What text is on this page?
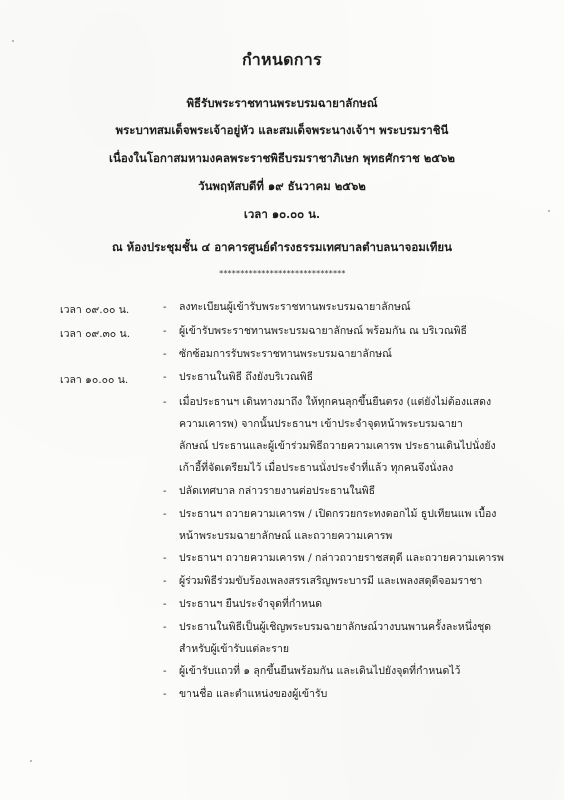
กำหนดการ
พิธีรับพระราชทานพระบรมฉายาลักษณ์
พระบาทสมเด็จพระเจ้าอยู่หัว และสมเด็จพระนางเจ้าฯ พระบรมราชินี
เนื่องในโอกาสมหามงคลพระราชพิธีบรมราชาภิเษก พุทธศักราช ๒๕๖๒
วันพฤหัสบดีที่ ๑๙ ธันวาคม ๒๕๖๒
เวลา ๑๐.๐๐ น.
ณ ห้องประชุมชั้น ๔ อาคารศูนย์ดำรงธรรมเทศบาลตำบลนาจอมเทียน
******************************
เวลา ๐๙.๐๐ น.
เวลา ๐๙.๓๐ น.
เวลา ๑๐.๐๐ น.
-
-
-
-
-
-
-
-
-
-
-
-
-
ลงทะเบียนผู้เข้ารับพระราชทานพระบรมฉายาลักษณ์
ผู้เข้ารับพระราชทานพระบรมฉายาลักษณ์ พร้อมกัน ณ บริเวณพิธี
ซักซ้อมการรับพระราชทานพระบรมฉายาลักษณ์
ประธานในพิธี ถึงยังบริเวณพิธี
เมื่อประธานฯ เดินทางมาถึง ให้ทุกคนลุกขึ้นยืนตรง (แต่ยังไม่ต้องแสดง
ความเคารพ) จากนั้นประธานฯ เข้าประจำจุดหน้าพระบรมฉายา
ลักษณ์ ประธานและผู้เข้าร่วมพิธีถวายความเคารพ ประธานเดินไปนั่งยัง
เก้าอี้ที่จัดเตรียมไว้ เมื่อประธานนั่งประจำที่แล้ว ทุกคนจึงนั่งลง
ปลัดเทศบาล กล่าวรายงานต่อประธานในพิธี
ประธานฯ ถวายความเคารพ / เปิดกรวยกระทงดอกไม้ ธูปเทียนแพ เบื้อง
หน้าพระบรมฉายาลักษณ์ และถวายความเคารพ
ประธานฯ ถวายความเคารพ / กล่าวถวายราชสดุดี และถวายความเคารพ
ผู้ร่วมพิธีร่วมขับร้องเพลงสรรเสริญพระบารมี และเพลงสดุดีจอมราชา
ประธานฯ ยืนประจำจุดที่กำหนด
ประธานในพิธีเป็นผู้เชิญพระบรมฉายาลักษณ์วางบนพานครั้งละหนึ่งชุด
สำหรับผู้เข้ารับแต่ละราย
ผู้เข้ารับแถวที่ ๑ ลุกขึ้นยืนพร้อมกัน และเดินไปยังจุดที่กำหนดไว้
ขานชื่อ และตำแหน่งของผู้เข้ารับ
